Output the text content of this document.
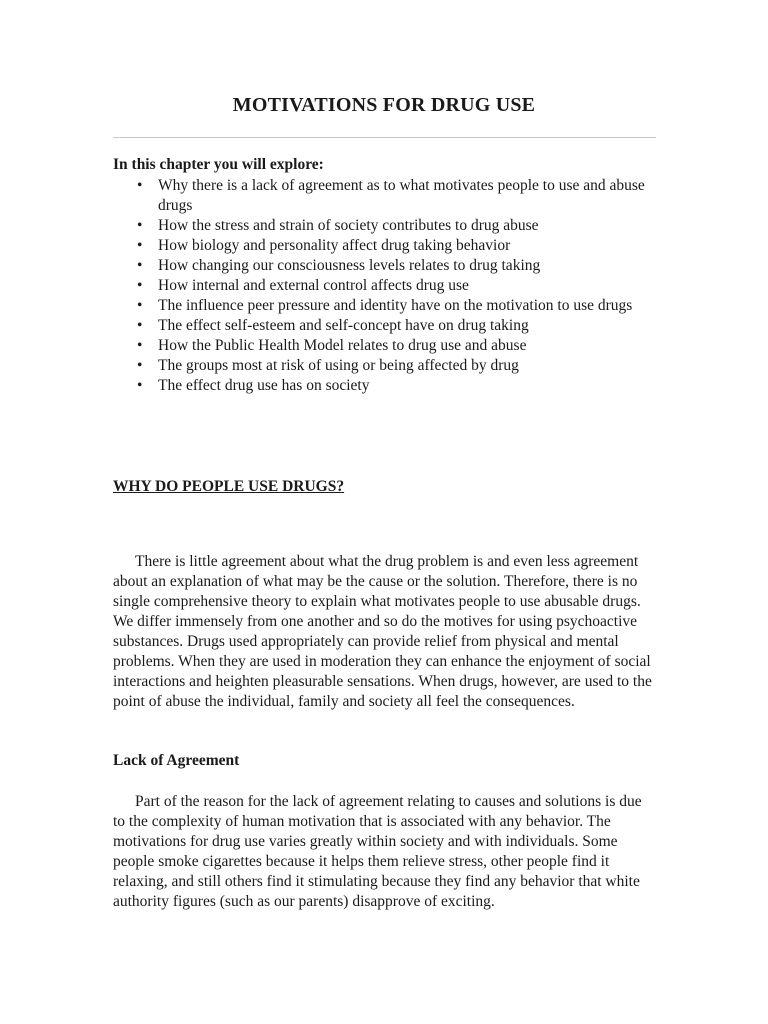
MOTIVATIONS FOR DRUG USE
In this chapter you will explore:
• Why there is a lack of agreement as to what motivates people to use and abuse drugs
• How the stress and strain of society contributes to drug abuse
• How biology and personality affect drug taking behavior
• How changing our consciousness levels relates to drug taking
• How internal and external control affects drug use
• The influence peer pressure and identity have on the motivation to use drugs
• The effect self-esteem and self-concept have on drug taking
• How the Public Health Model relates to drug use and abuse
• The groups most at risk of using or being affected by drug
• The effect drug use has on society
WHY DO PEOPLE USE DRUGS?

There is little agreement about what the drug problem is and even less agreement about an explanation of what may be the cause or the solution. Therefore, there is no single comprehensive theory to explain what motivates people to use abusable drugs. We differ immensely from one another and so do the motives for using psychoactive substances. Drugs used appropriately can provide relief from physical and mental problems. When they are used in moderation they can enhance the enjoyment of social interactions and heighten pleasurable sensations. When drugs, however, are used to the point of abuse the individual, family and society all feel the consequences.

Lack of Agreement

Part of the reason for the lack of agreement relating to causes and solutions is due to the complexity of human motivation that is associated with any behavior. The motivations for drug use varies greatly within society and with individuals. Some people smoke cigarettes because it helps them relieve stress, other people find it relaxing, and still others find it stimulating because they find any behavior that white authority figures (such as our parents) disapprove of exciting.
